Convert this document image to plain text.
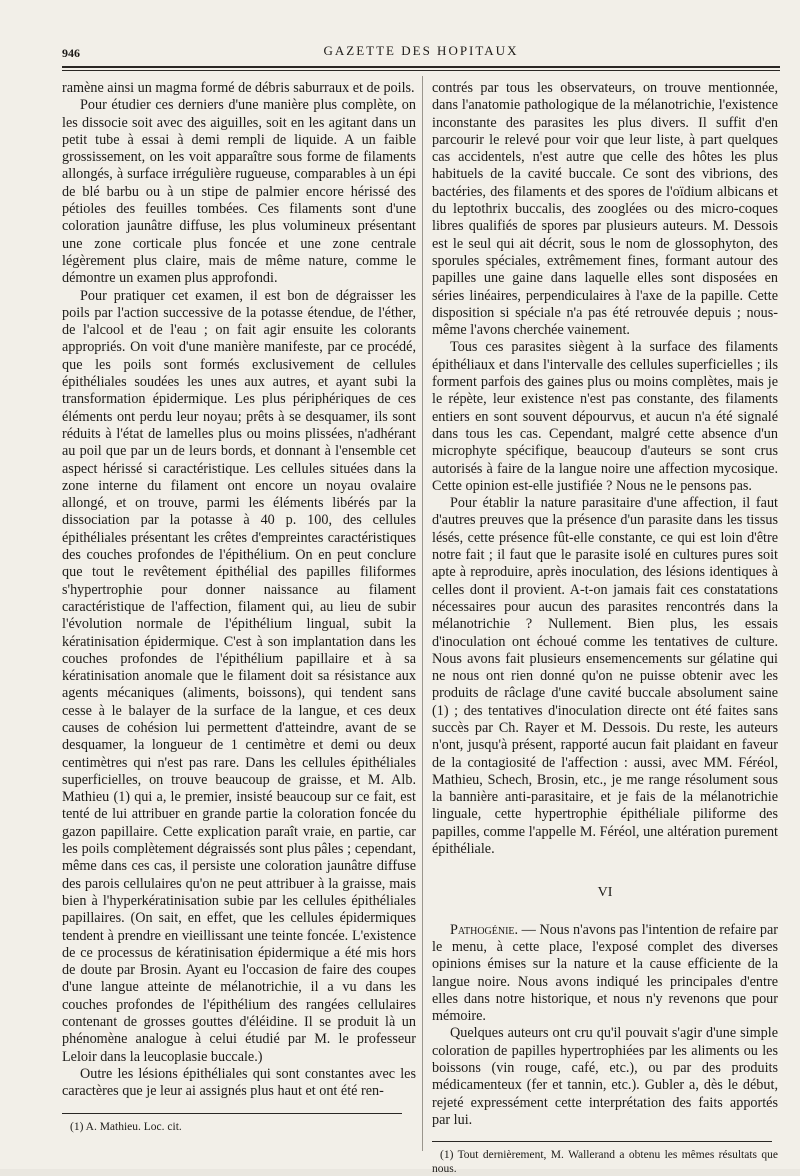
946	GAZETTE DES HOPITAUX

ramène ainsi un magma formé de débris saburraux et de poils.

Pour étudier ces derniers d'une manière plus complète, on les dissocie soit avec des aiguilles, soit en les agitant dans un petit tube à essai à demi rempli de liquide. A un faible grossissement, on les voit apparaître sous forme de filaments allongés, à surface irrégulière rugueuse, comparables à un épi de blé barbu ou à un stipe de palmier encore hérissé des pétioles des feuilles tombées. Ces filaments sont d'une coloration jaunâtre diffuse, les plus volumineux présentant une zone corticale plus foncée et une zone centrale légèrement plus claire, mais de même nature, comme le démontre un examen plus approfondi.

Pour pratiquer cet examen, il est bon de dégraisser les poils par l'action successive de la potasse étendue, de l'éther, de l'alcool et de l'eau ; on fait agir ensuite les colorants appropriés. On voit d'une manière manifeste, par ce procédé, que les poils sont formés exclusivement de cellules épithéliales soudées les unes aux autres, et ayant subi la transformation épidermique. Les plus périphériques de ces éléments ont perdu leur noyau; prêts à se desquamer, ils sont réduits à l'état de lamelles plus ou moins plissées, n'adhérant au poil que par un de leurs bords, et donnant à l'ensemble cet aspect hérissé si caractéristique. Les cellules situées dans la zone interne du filament ont encore un noyau ovalaire allongé, et on trouve, parmi les éléments libérés par la dissociation par la potasse à 40 p. 100, des cellules épithéliales présentant les crêtes d'empreintes caractéristiques des couches profondes de l'épithélium. On en peut conclure que tout le revêtement épithélial des papilles filiformes s'hypertrophie pour donner naissance au filament caractéristique de l'affection, filament qui, au lieu de subir l'évolution normale de l'épithélium lingual, subit la kératinisation épidermique. C'est à son implantation dans les couches profondes de l'épithélium papillaire et à sa kératinisation anomale que le filament doit sa résistance aux agents mécaniques (aliments, boissons), qui tendent sans cesse à le balayer de la surface de la langue, et ces deux causes de cohésion lui permettent d'atteindre, avant de se desquamer, la longueur de 1 centimètre et demi ou deux centimètres qui n'est pas rare. Dans les cellules épithéliales superficielles, on trouve beaucoup de graisse, et M. Alb. Mathieu (1) qui a, le premier, insisté beaucoup sur ce fait, est tenté de lui attribuer en grande partie la coloration foncée du gazon papillaire. Cette explication paraît vraie, en partie, car les poils complètement dégraissés sont plus pâles ; cependant, même dans ces cas, il persiste une coloration jaunâtre diffuse des parois cellulaires qu'on ne peut attribuer à la graisse, mais bien à l'hyperkératinisation subie par les cellules épithéliales papillaires. (On sait, en effet, que les cellules épidermiques tendent à prendre en vieillissant une teinte foncée. L'existence de ce processus de kératinisation épidermique a été mis hors de doute par Brosin. Ayant eu l'occasion de faire des coupes d'une langue atteinte de mélanotrichie, il a vu dans les couches profondes de l'épithélium des rangées cellulaires contenant de grosses gouttes d'éléidine. Il se produit là un phénomène analogue à celui étudié par M. le professeur Leloir dans la leucoplasie buccale.)

Outre les lésions épithéliales qui sont constantes avec les caractères que je leur ai assignés plus haut et ont été ren-

(1) A. Mathieu. Loc. cit.

contrés par tous les observateurs, on trouve mentionnée, dans l'anatomie pathologique de la mélanotrichie, l'existence inconstante des parasites les plus divers. Il suffit d'en parcourir le relevé pour voir que leur liste, à part quelques cas accidentels, n'est autre que celle des hôtes les plus habituels de la cavité buccale. Ce sont des vibrions, des bactéries, des filaments et des spores de l'oïdium albicans et du leptothrix buccalis, des zooglées ou des micro-coques libres qualifiés de spores par plusieurs auteurs. M. Dessois est le seul qui ait décrit, sous le nom de glossophyton, des sporules spéciales, extrêmement fines, formant autour des papilles une gaine dans laquelle elles sont disposées en séries linéaires, perpendiculaires à l'axe de la papille. Cette disposition si spéciale n'a pas été retrouvée depuis ; nous-même l'avons cherchée vainement.

Tous ces parasites siègent à la surface des filaments épithéliaux et dans l'intervalle des cellules superficielles ; ils forment parfois des gaines plus ou moins complètes, mais je le répète, leur existence n'est pas constante, des filaments entiers en sont souvent dépourvus, et aucun n'a été signalé dans tous les cas. Cependant, malgré cette absence d'un microphyte spécifique, beaucoup d'auteurs se sont crus autorisés à faire de la langue noire une affection mycosique. Cette opinion est-elle justifiée ? Nous ne le pensons pas.

Pour établir la nature parasitaire d'une affection, il faut d'autres preuves que la présence d'un parasite dans les tissus lésés, cette présence fût-elle constante, ce qui est loin d'être notre fait ; il faut que le parasite isolé en cultures pures soit apte à reproduire, après inoculation, des lésions identiques à celles dont il provient. A-t-on jamais fait ces constatations nécessaires pour aucun des parasites rencontrés dans la mélanotrichie ? Nullement. Bien plus, les essais d'inoculation ont échoué comme les tentatives de culture. Nous avons fait plusieurs ensemencements sur gélatine qui ne nous ont rien donné qu'on ne puisse obtenir avec les produits de râclage d'une cavité buccale absolument saine (1) ; des tentatives d'inoculation directe ont été faites sans succès par Ch. Rayer et M. Dessois. Du reste, les auteurs n'ont, jusqu'à présent, rapporté aucun fait plaidant en faveur de la contagiosité de l'affection : aussi, avec MM. Féréol, Mathieu, Schech, Brosin, etc., je me range résolument sous la bannière anti-parasitaire, et je fais de la mélanotrichie linguale, cette hypertrophie épithéliale piliforme des papilles, comme l'appelle M. Féréol, une altération purement épithéliale.

VI

Pathogénie. — Nous n'avons pas l'intention de refaire par le menu, à cette place, l'exposé complet des diverses opinions émises sur la nature et la cause efficiente de la langue noire. Nous avons indiqué les principales d'entre elles dans notre historique, et nous n'y revenons que pour mémoire.

Quelques auteurs ont cru qu'il pouvait s'agir d'une simple coloration de papilles hypertrophiées par les aliments ou les boissons (vin rouge, café, etc.), ou par des produits médicamenteux (fer et tannin, etc.). Gubler a, dès le début, rejeté expressément cette interprétation des faits apportés par lui.

(1) Tout dernièrement, M. Wallerand a obtenu les mêmes résultats que nous.
